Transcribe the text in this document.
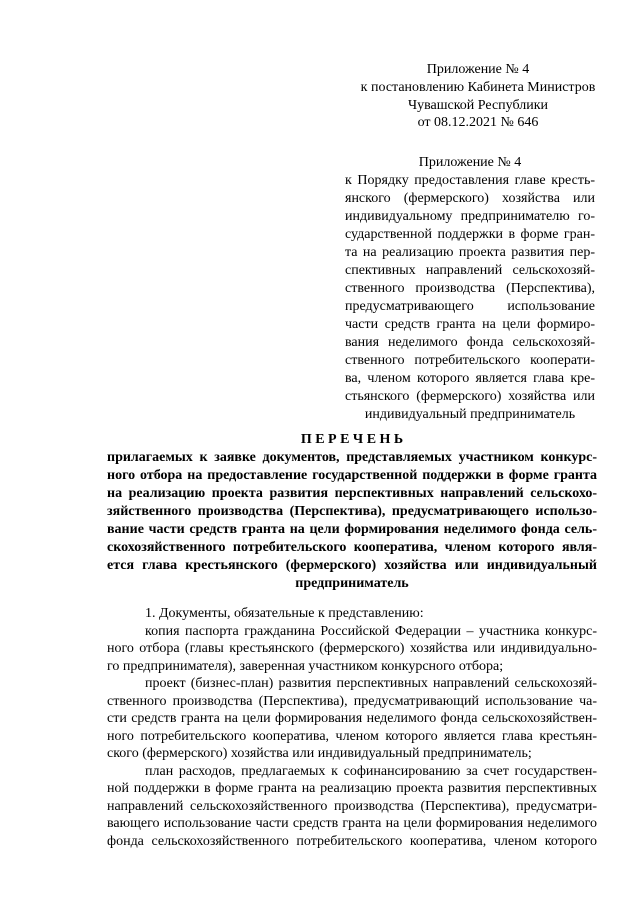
Приложение № 4
к постановлению Кабинета Министров
Чувашской Республики
от 08.12.2021 № 646
Приложение № 4
к Порядку предоставления главе кресть-
янского (фермерского) хозяйства или
индивидуальному предпринимателю го-
сударственной поддержки в форме гран-
та на реализацию проекта развития пер-
спективных направлений сельскохозяй-
ственного производства (Перспектива),
предусматривающего использование
части средств гранта на цели формиро-
вания неделимого фонда сельскохозяй-
ственного потребительского кооперати-
ва, членом которого является глава кре-
стьянского (фермерского) хозяйства или
индивидуальный предприниматель
П Е Р Е Ч Е Н Ь
прилагаемых к заявке документов, представляемых участником конкурс-
ного отбора на предоставление государственной поддержки в форме гранта
на реализацию проекта развития перспективных направлений сельскохо-
зяйственного производства (Перспектива), предусматривающего использо-
вание части средств гранта на цели формирования неделимого фонда сель-
скохозяйственного потребительского кооператива, членом которого явля-
ется глава крестьянского (фермерского) хозяйства или индивидуальный
предприниматель
1. Документы, обязательные к представлению:
копия паспорта гражданина Российской Федерации – участника конкурс-
ного отбора (главы крестьянского (фермерского) хозяйства или индивидуально-
го предпринимателя), заверенная участником конкурсного отбора;
проект (бизнес-план) развития перспективных направлений сельскохозяй-
ственного производства (Перспектива), предусматривающий использование ча-
сти средств гранта на цели формирования неделимого фонда сельскохозяйствен-
ного потребительского кооператива, членом которого является глава крестьян-
ского (фермерского) хозяйства или индивидуальный предприниматель;
план расходов, предлагаемых к софинансированию за счет государствен-
ной поддержки в форме гранта на реализацию проекта развития перспективных
направлений сельскохозяйственного производства (Перспектива), предусматри-
вающего использование части средств гранта на цели формирования неделимого
фонда сельскохозяйственного потребительского кооператива, членом которого
